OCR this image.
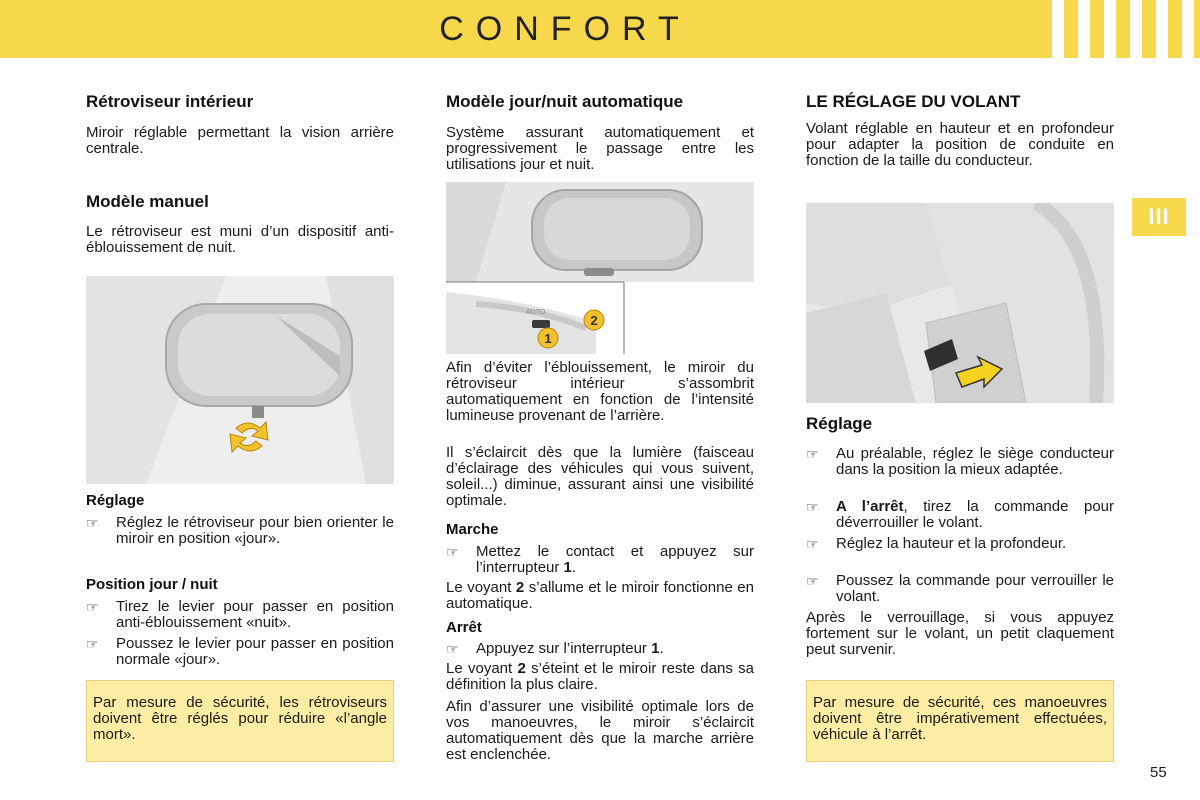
CONFORT
III
Rétroviseur intérieur
Miroir réglable permettant la vision arrière centrale.
Modèle manuel
Le rétroviseur est muni d’un dispositif anti-éblouissement de nuit.
Réglage
☞ Réglez le rétroviseur pour bien orienter le miroir en position «jour».
Position jour / nuit
☞ Tirez le levier pour passer en position anti-éblouissement «nuit».
☞ Poussez le levier pour passer en position normale «jour».
Par mesure de sécurité, les rétroviseurs doivent être réglés pour réduire «l’angle mort».
Modèle jour/nuit automatique
Système assurant automatiquement et progressivement le passage entre les utilisations jour et nuit.
AUTO
1
2
Afin d’éviter l’éblouissement, le miroir du rétroviseur intérieur s’assombrit automatiquement en fonction de l’intensité lumineuse provenant de l’arrière.
Il s’éclaircit dès que la lumière (faisceau d’éclairage des véhicules qui vous suivent, soleil...) diminue, assurant ainsi une visibilité optimale.
Marche
☞ Mettez le contact et appuyez sur l’interrupteur 1.
Le voyant 2 s’allume et le miroir fonctionne en automatique.
Arrêt
☞ Appuyez sur l’interrupteur 1.
Le voyant 2 s’éteint et le miroir reste dans sa définition la plus claire.
Afin d’assurer une visibilité optimale lors de vos manoeuvres, le miroir s’éclaircit automatiquement dès que la marche arrière est enclenchée.
LE RÉGLAGE DU VOLANT
Volant réglable en hauteur et en profondeur pour adapter la position de conduite en fonction de la taille du conducteur.
Réglage
☞ Au préalable, réglez le siège conducteur dans la position la mieux adaptée.
☞ A l’arrêt, tirez la commande pour déverrouiller le volant.
☞ Réglez la hauteur et la profondeur.
☞ Poussez la commande pour verrouiller le volant.
Après le verrouillage, si vous appuyez fortement sur le volant, un petit claquement peut survenir.
Par mesure de sécurité, ces manoeuvres doivent être impérativement effectuées, véhicule à l’arrêt.
55
